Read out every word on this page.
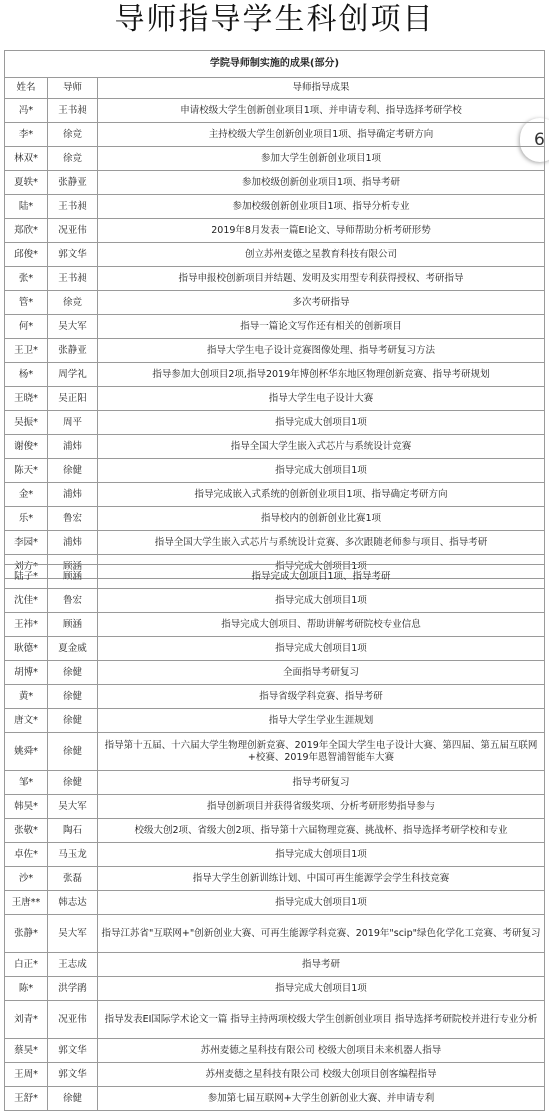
导师指导学生科创项目
6
学院导师制实施的成果(部分)		
姓名	导师	导师指导成果
冯*	王书昶	申请校级大学生创新创业项目1项、并申请专利、指导选择考研学校
李*	徐竞	主持校级大学生创新创业项目1项、指导确定考研方向
林双*	徐竞	参加大学生创新创业项目1项
夏轶*	张静亚	参加校级创新创业项目1项、指导考研
陆*	王书昶	参加校级创新创业项目1项、指导分析专业
郑欣*	况亚伟	2019年8月发表一篇EI论文、导师帮助分析考研形势
邱俊*	郭文华	创立苏州麦德之星教育科技有限公司
张*	王书昶	指导申报校创新项目并结题、发明及实用型专利获得授权、考研指导
管*	徐竞	多次考研指导
何*	吴大军	指导一篇论文写作还有相关的创新项目
王卫*	张静亚	指导大学生电子设计竞赛图像处理、指导考研复习方法
杨*	周学礼	指导参加大创项目2项,指导2019年博创杯华东地区物理创新竞赛、指导考研规划
王晓*	吴正阳	指导大学生电子设计大赛
吴振*	周平	指导完成大创项目1项
谢俊*	浦炜	指导全国大学生嵌入式芯片与系统设计竞赛
陈天*	徐健	指导完成大创项目1项
金*	浦炜	指导完成嵌入式系统的创新创业项目1项、指导确定考研方向
乐*	鲁宏	指导校内的创新创业比赛1项
李园*	浦炜	指导全国大学生嵌入式芯片与系统设计竞赛、多次跟随老师参与项目、指导考研
刘方*	顾涵	指导完成大创项目1项
陆子*	顾涵	指导完成大创项目1项、指导考研
沈佳*	鲁宏	指导完成大创项目1项
王祎*	顾涵	指导完成大创项目、帮助讲解考研院校专业信息
耿德*	夏金威	指导完成大创项目1项
胡博*	徐健	全面指导考研复习
黄*	徐健	指导省级学科竞赛、指导考研
唐文*	徐健	指导大学生学业生涯规划
姚舜*	徐健	指导第十五届、十六届大学生物理创新竞赛、2019年全国大学生电子设计大赛、第四届、第五届互联网+校赛、2019年恩智浦智能车大赛
邹*	徐健	指导考研复习
韩昊*	吴大军	指导创新项目并获得省级奖项、分析考研形势指导参与
张敬*	陶石	校级大创2项、省级大创2项、指导第十六届物理竞赛、挑战杯、指导选择考研学校和专业
卓佐*	马玉龙	指导完成大创项目1项
沙*	张磊	指导大学生创新训练计划、中国可再生能源学会学生科技竞赛
王唐**	韩志达	指导完成大创项目1项
张静*	吴大军	指导江苏省"互联网+"创新创业大赛、可再生能源学科竞赛、2019年"scip"绿色化学化工竞赛、考研复习
白正*	王志成	指导考研
陈*	洪学鹃	指导完成大创项目1项
刘青*	况亚伟	指导发表EI国际学术论文一篇 指导主持两项校级大学生创新创业项目 指导选择考研院校并进行专业分析
蔡昊*	郭文华	苏州麦德之星科技有限公司 校级大创项目未来机器人指导
王周*	郭文华	苏州麦德之星科技有限公司 校级大创项目创客编程指导
王舒*	徐健	参加第七届互联网+大学生创新创业大赛、并申请专利
